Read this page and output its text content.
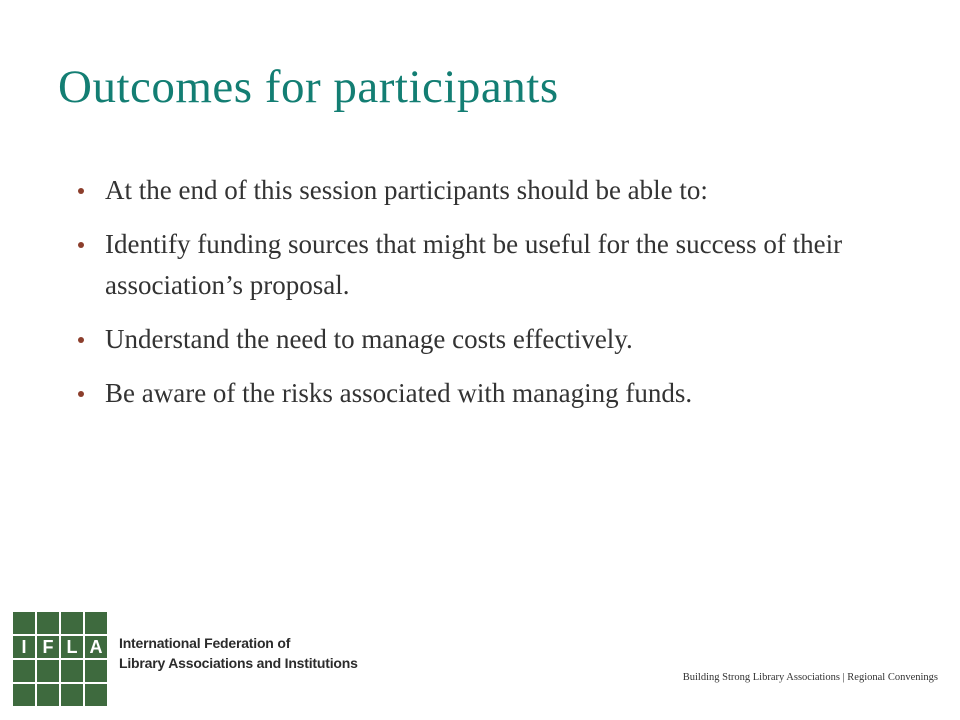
Outcomes for participants
At the end of this session participants should be able to:
Identify funding sources that might be useful for the success of their association’s proposal.
Understand the need to manage costs effectively.
Be aware of the risks associated with managing funds.
I F L A	International Federation of
Library Associations and Institutions
Building Strong Library Associations | Regional Convenings
